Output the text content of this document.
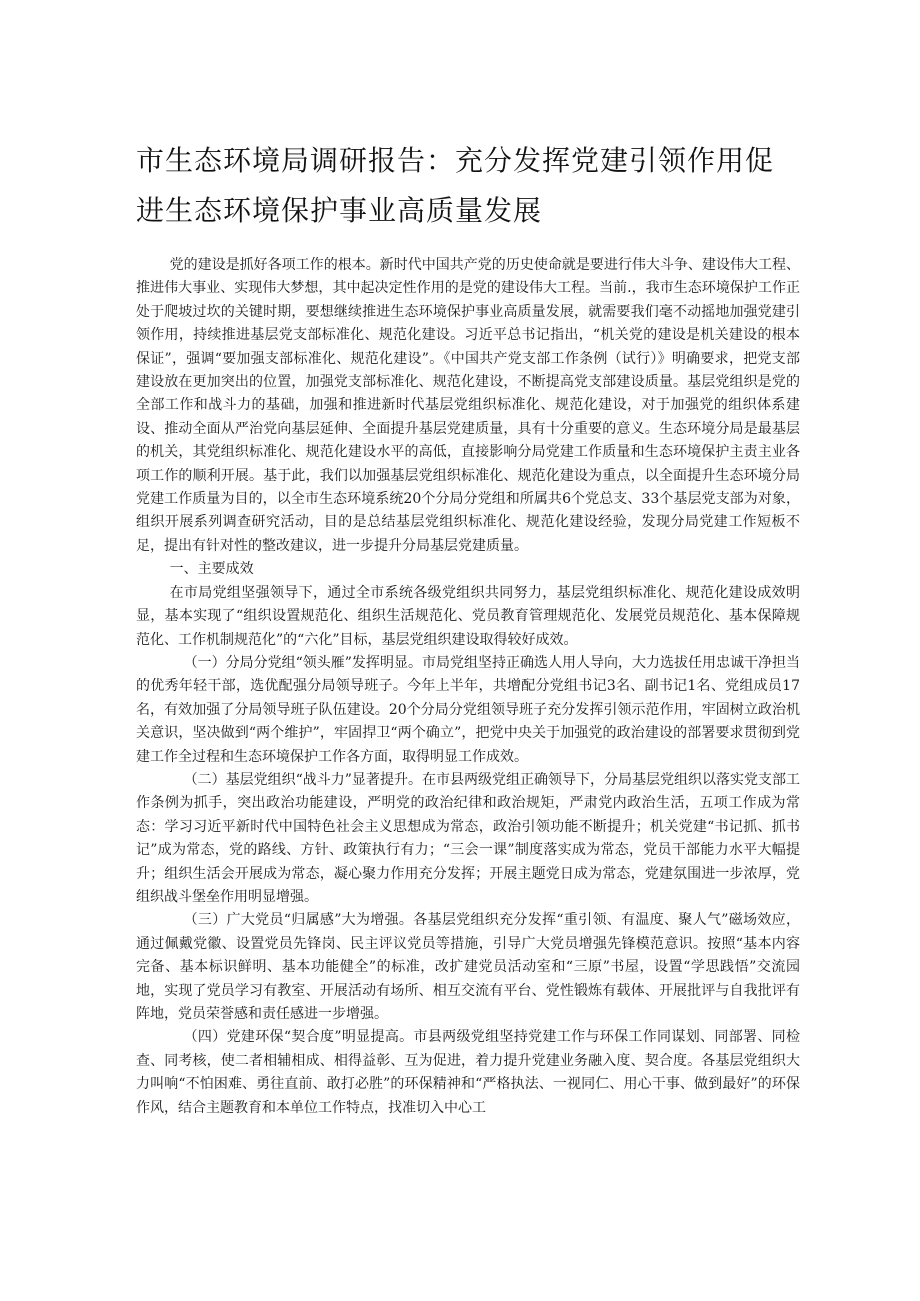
市生态环境局调研报告：充分发挥党建引领作用促进生态环境保护事业高质量发展

党的建设是抓好各项工作的根本。新时代中国共产党的历史使命就是要进行伟大斗争、建设伟大工程、推进伟大事业、实现伟大梦想，其中起决定性作用的是党的建设伟大工程。当前.，我市生态环境保护工作正处于爬坡过坎的关键时期，要想继续推进生态环境保护事业高质量发展，就需要我们毫不动摇地加强党建引领作用，持续推进基层党支部标准化、规范化建设。习近平总书记指出，“机关党的建设是机关建设的根本保证”，强调“要加强支部标准化、规范化建设”。《中国共产党支部工作条例（试行）》明确要求，把党支部建设放在更加突出的位置，加强党支部标准化、规范化建设，不断提高党支部建设质量。基层党组织是党的全部工作和战斗力的基础，加强和推进新时代基层党组织标准化、规范化建设，对于加强党的组织体系建设、推动全面从严治党向基层延伸、全面提升基层党建质量，具有十分重要的意义。生态环境分局是最基层的机关，其党组织标准化、规范化建设水平的高低，直接影响分局党建工作质量和生态环境保护主责主业各项工作的顺利开展。基于此，我们以加强基层党组织标准化、规范化建设为重点，以全面提升生态环境分局党建工作质量为目的，以全市生态环境系统20个分局分党组和所属共6个党总支、33个基层党支部为对象，组织开展系列调查研究活动，目的是总结基层党组织标准化、规范化建设经验，发现分局党建工作短板不足，提出有针对性的整改建议，进一步提升分局基层党建质量。

一、主要成效

在市局党组坚强领导下，通过全市系统各级党组织共同努力，基层党组织标准化、规范化建设成效明显，基本实现了“组织设置规范化、组织生活规范化、党员教育管理规范化、发展党员规范化、基本保障规范化、工作机制规范化”的“六化”目标，基层党组织建设取得较好成效。

（一）分局分党组“领头雁”发挥明显。市局党组坚持正确选人用人导向，大力选拔任用忠诚干净担当的优秀年轻干部，选优配强分局领导班子。今年上半年，共增配分党组书记3名、副书记1名、党组成员17名，有效加强了分局领导班子队伍建设。20个分局分党组领导班子充分发挥引领示范作用，牢固树立政治机关意识，坚决做到“两个维护”，牢固捍卫“两个确立”，把党中央关于加强党的政治建设的部署要求贯彻到党建工作全过程和生态环境保护工作各方面，取得明显工作成效。

（二）基层党组织“战斗力”显著提升。在市县两级党组正确领导下，分局基层党组织以落实党支部工作条例为抓手，突出政治功能建设，严明党的政治纪律和政治规矩，严肃党内政治生活，五项工作成为常态：学习习近平新时代中国特色社会主义思想成为常态，政治引领功能不断提升；机关党建“书记抓、抓书记”成为常态，党的路线、方针、政策执行有力；“三会一课”制度落实成为常态，党员干部能力水平大幅提升；组织生活会开展成为常态，凝心聚力作用充分发挥；开展主题党日成为常态，党建氛围进一步浓厚，党组织战斗堡垒作用明显增强。

（三）广大党员“归属感”大为增强。各基层党组织充分发挥“重引领、有温度、聚人气”磁场效应，通过佩戴党徽、设置党员先锋岗、民主评议党员等措施，引导广大党员增强先锋模范意识。按照“基本内容完备、基本标识鲜明、基本功能健全”的标准，改扩建党员活动室和“三原”书屋，设置“学思践悟”交流园地，实现了党员学习有教室、开展活动有场所、相互交流有平台、党性锻炼有载体、开展批评与自我批评有阵地，党员荣誉感和责任感进一步增强。

（四）党建环保“契合度”明显提高。市县两级党组坚持党建工作与环保工作同谋划、同部署、同检查、同考核，使二者相辅相成、相得益彰、互为促进，着力提升党建业务融入度、契合度。各基层党组织大力叫响“不怕困难、勇往直前、敢打必胜”的环保精神和“严格执法、一视同仁、用心干事、做到最好”的环保作风，结合主题教育和本单位工作特点，找准切入中心工
